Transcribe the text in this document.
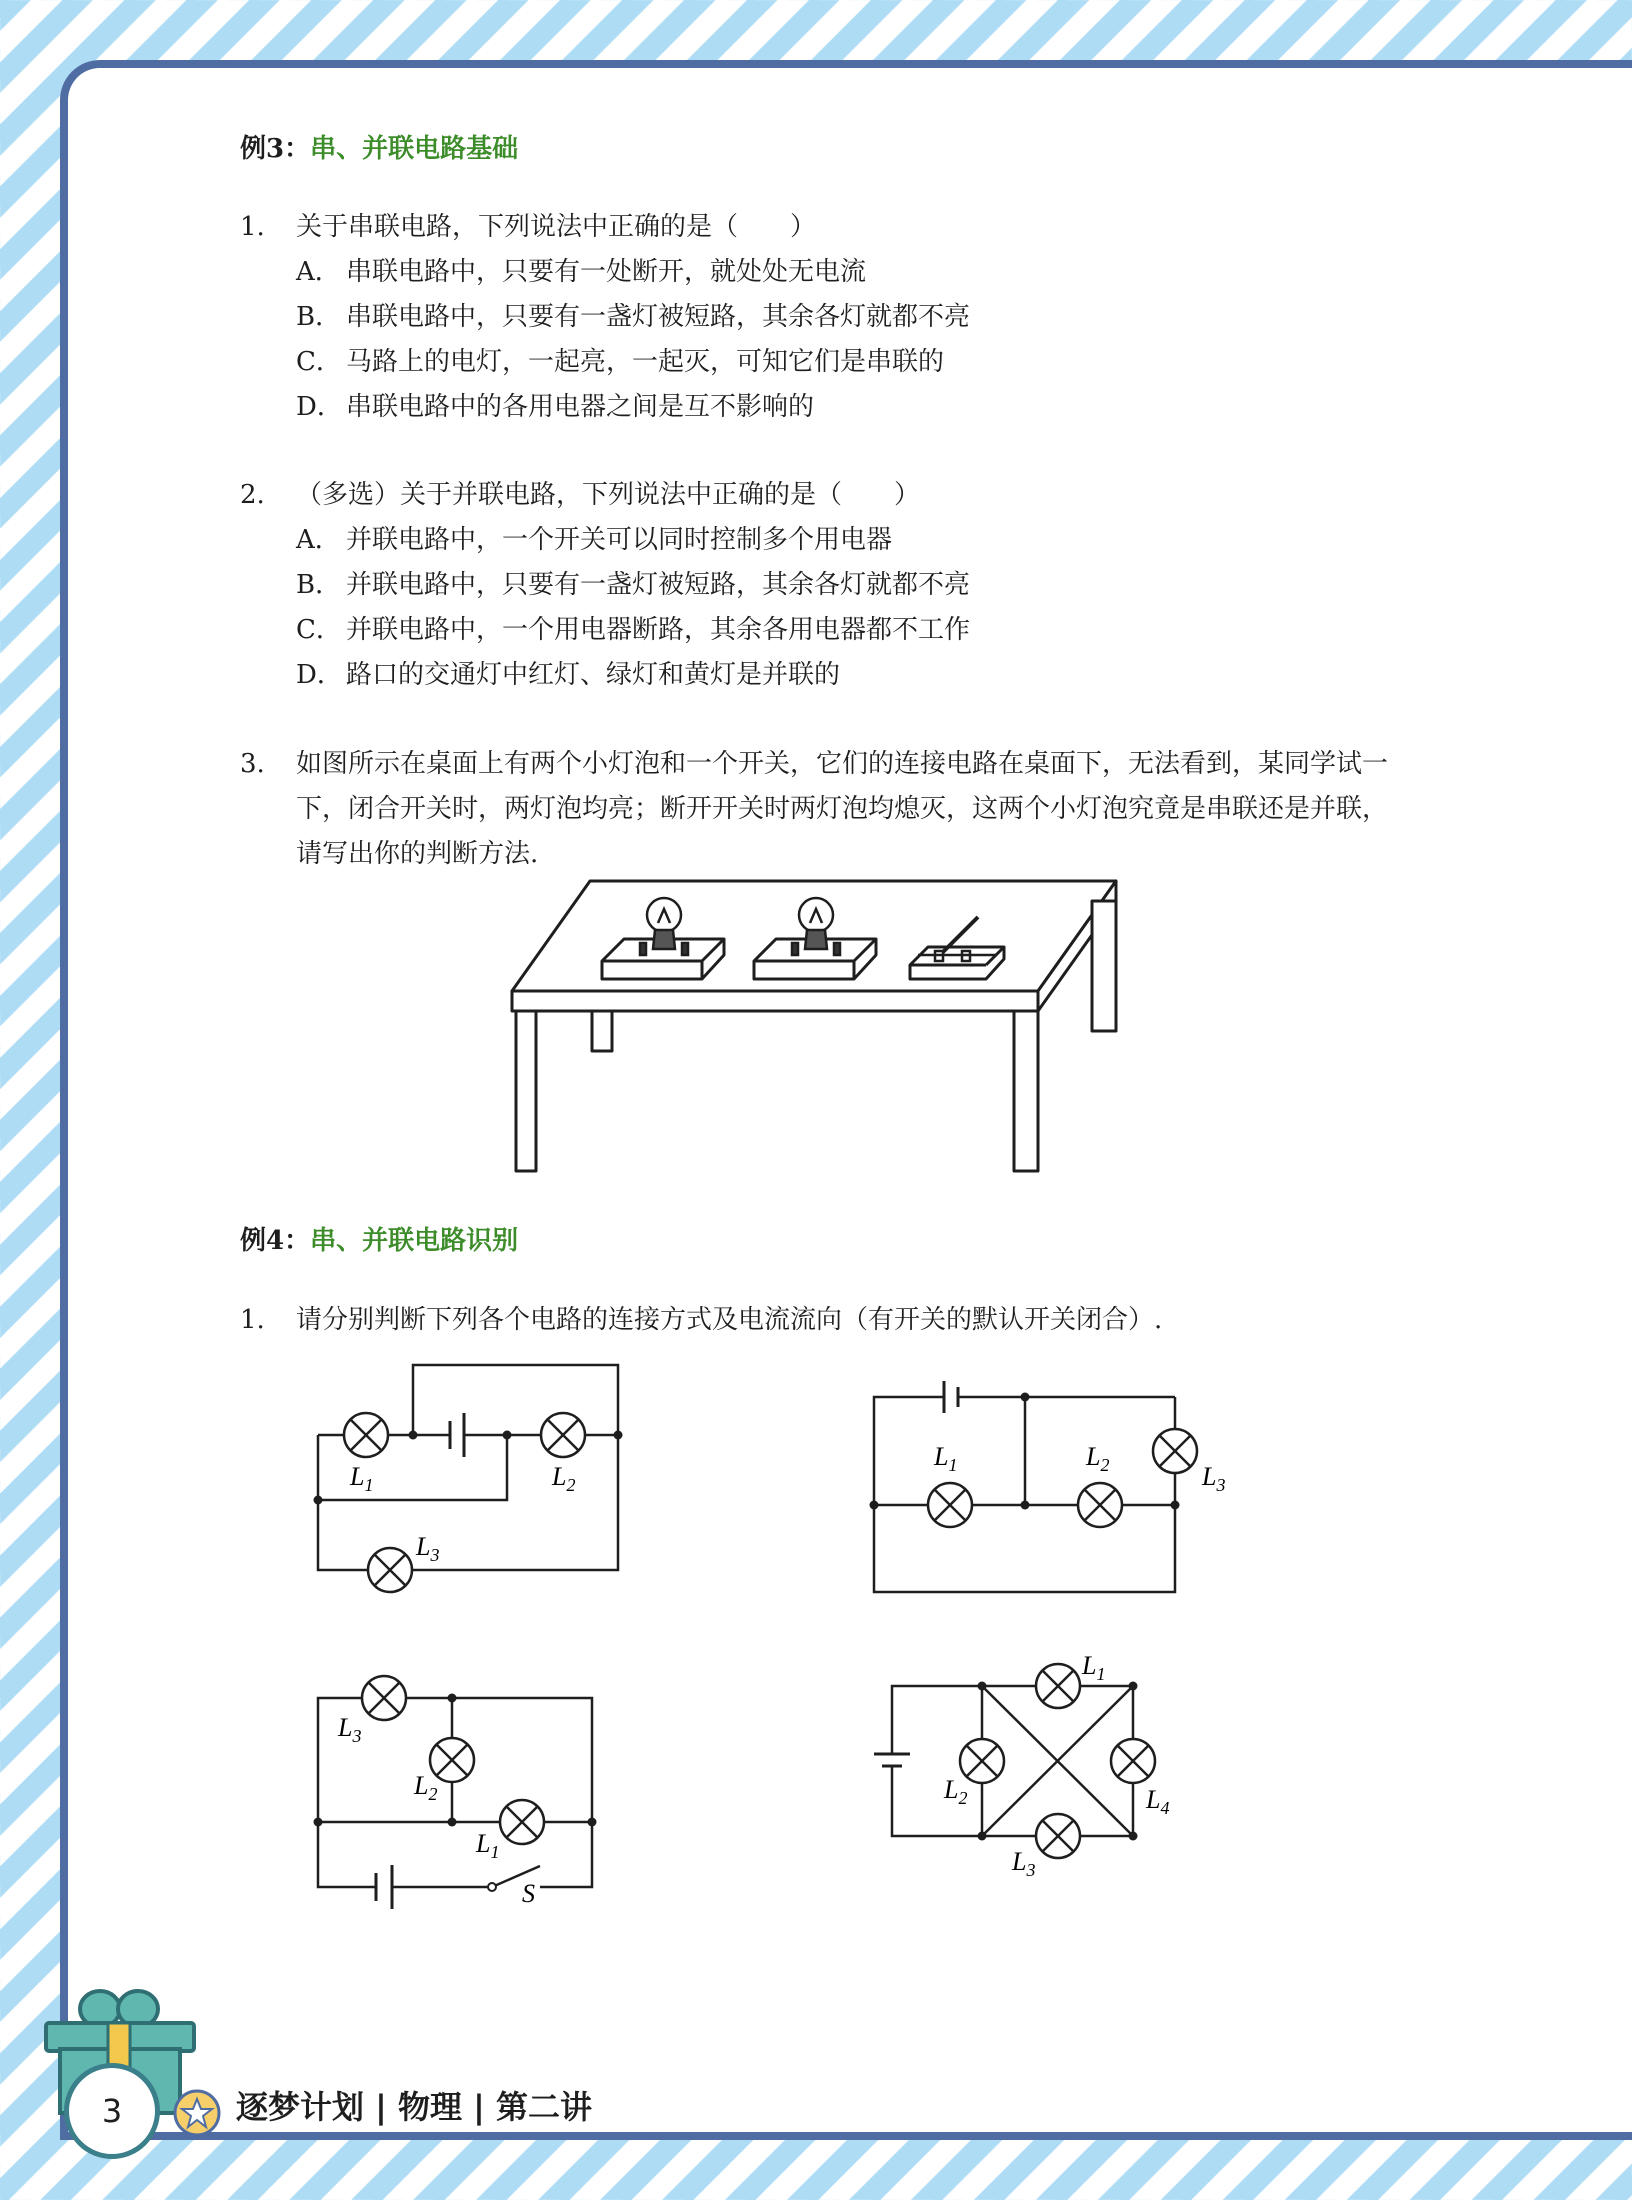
例3：串、并联电路基础
1. 关于串联电路，下列说法中正确的是（　　）
A． 串联电路中，只要有一处断开，就处处无电流
B． 串联电路中，只要有一盏灯被短路，其余各灯就都不亮
C． 马路上的电灯，一起亮，一起灭，可知它们是串联的
D． 串联电路中的各用电器之间是互不影响的
2. （多选）关于并联电路，下列说法中正确的是（　　）
A． 并联电路中，一个开关可以同时控制多个用电器
B． 并联电路中，只要有一盏灯被短路，其余各灯就都不亮
C． 并联电路中，一个用电器断路，其余各用电器都不工作
D． 路口的交通灯中红灯、绿灯和黄灯是并联的
3. 如图所示在桌面上有两个小灯泡和一个开关，它们的连接电路在桌面下，无法看到，某同学试一下，闭合开关时，两灯泡均亮；断开开关时两灯泡均熄灭，这两个小灯泡究竟是串联还是并联，请写出你的判断方法.
例4：串、并联电路识别
1. 请分别判断下列各个电路的连接方式及电流流向（有开关的默认开关闭合）.
$L_1$	$L_2$
$L_3$
$L_1$	$L_2$	$L_3$
$L_3$
$L_2$
$L_1$
S
$L_1$
$L_2$
$L_3$
$L_4$
3	逐梦计划 | 物理 | 第二讲
